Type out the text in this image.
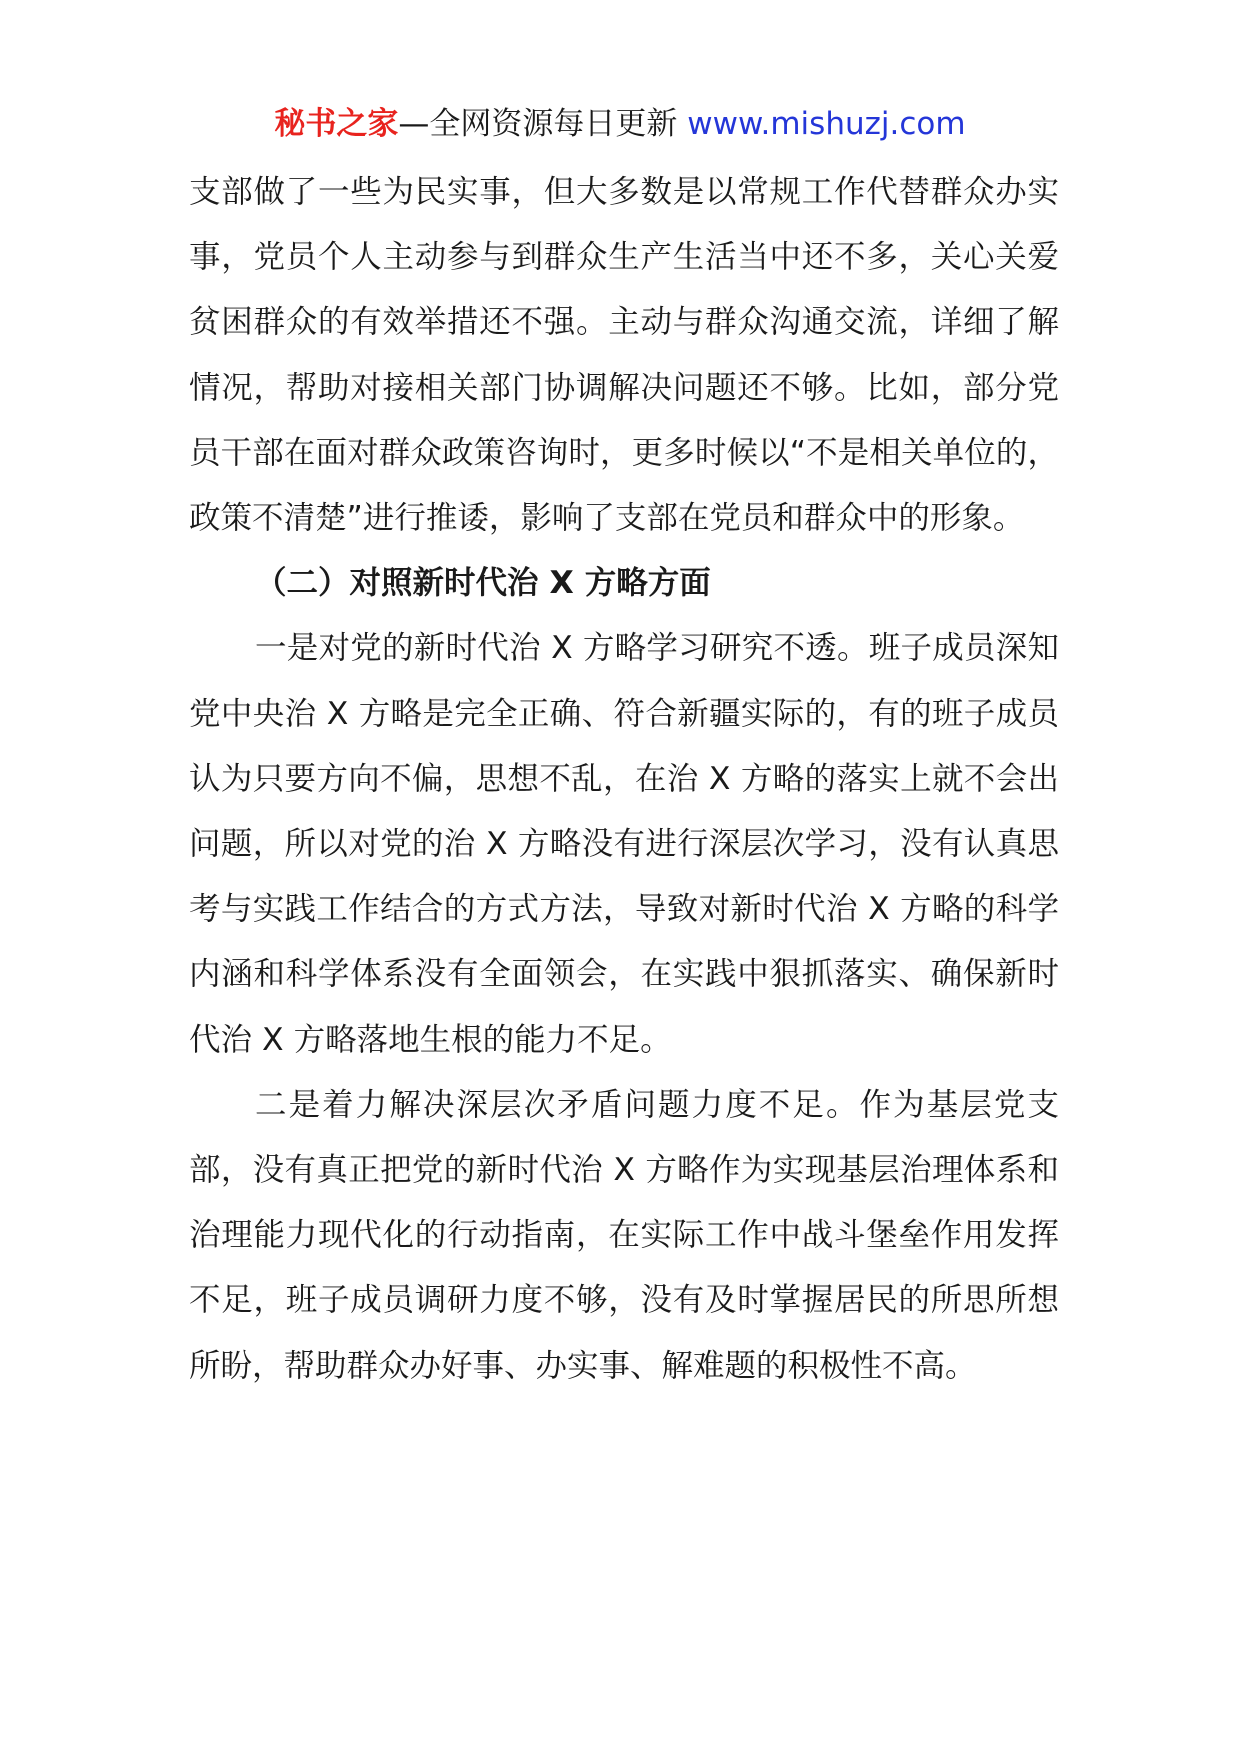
秘书之家—全网资源每日更新 www.mishuzj.com

支部做了一些为民实事，但大多数是以常规工作代替群众办实事，党员个人主动参与到群众生产生活当中还不多，关心关爱贫困群众的有效举措还不强。主动与群众沟通交流，详细了解情况，帮助对接相关部门协调解决问题还不够。比如，部分党员干部在面对群众政策咨询时，更多时候以“不是相关单位的，政策不清楚”进行推诿，影响了支部在党员和群众中的形象。

（二）对照新时代治 X 方略方面

一是对党的新时代治 X 方略学习研究不透。班子成员深知党中央治 X 方略是完全正确、符合新疆实际的，有的班子成员认为只要方向不偏，思想不乱，在治 X 方略的落实上就不会出问题，所以对党的治 X 方略没有进行深层次学习，没有认真思考与实践工作结合的方式方法，导致对新时代治 X 方略的科学内涵和科学体系没有全面领会，在实践中狠抓落实、确保新时代治 X 方略落地生根的能力不足。

二是着力解决深层次矛盾问题力度不足。作为基层党支部，没有真正把党的新时代治 X 方略作为实现基层治理体系和治理能力现代化的行动指南，在实际工作中战斗堡垒作用发挥不足，班子成员调研力度不够，没有及时掌握居民的所思所想所盼，帮助群众办好事、办实事、解难题的积极性不高。
